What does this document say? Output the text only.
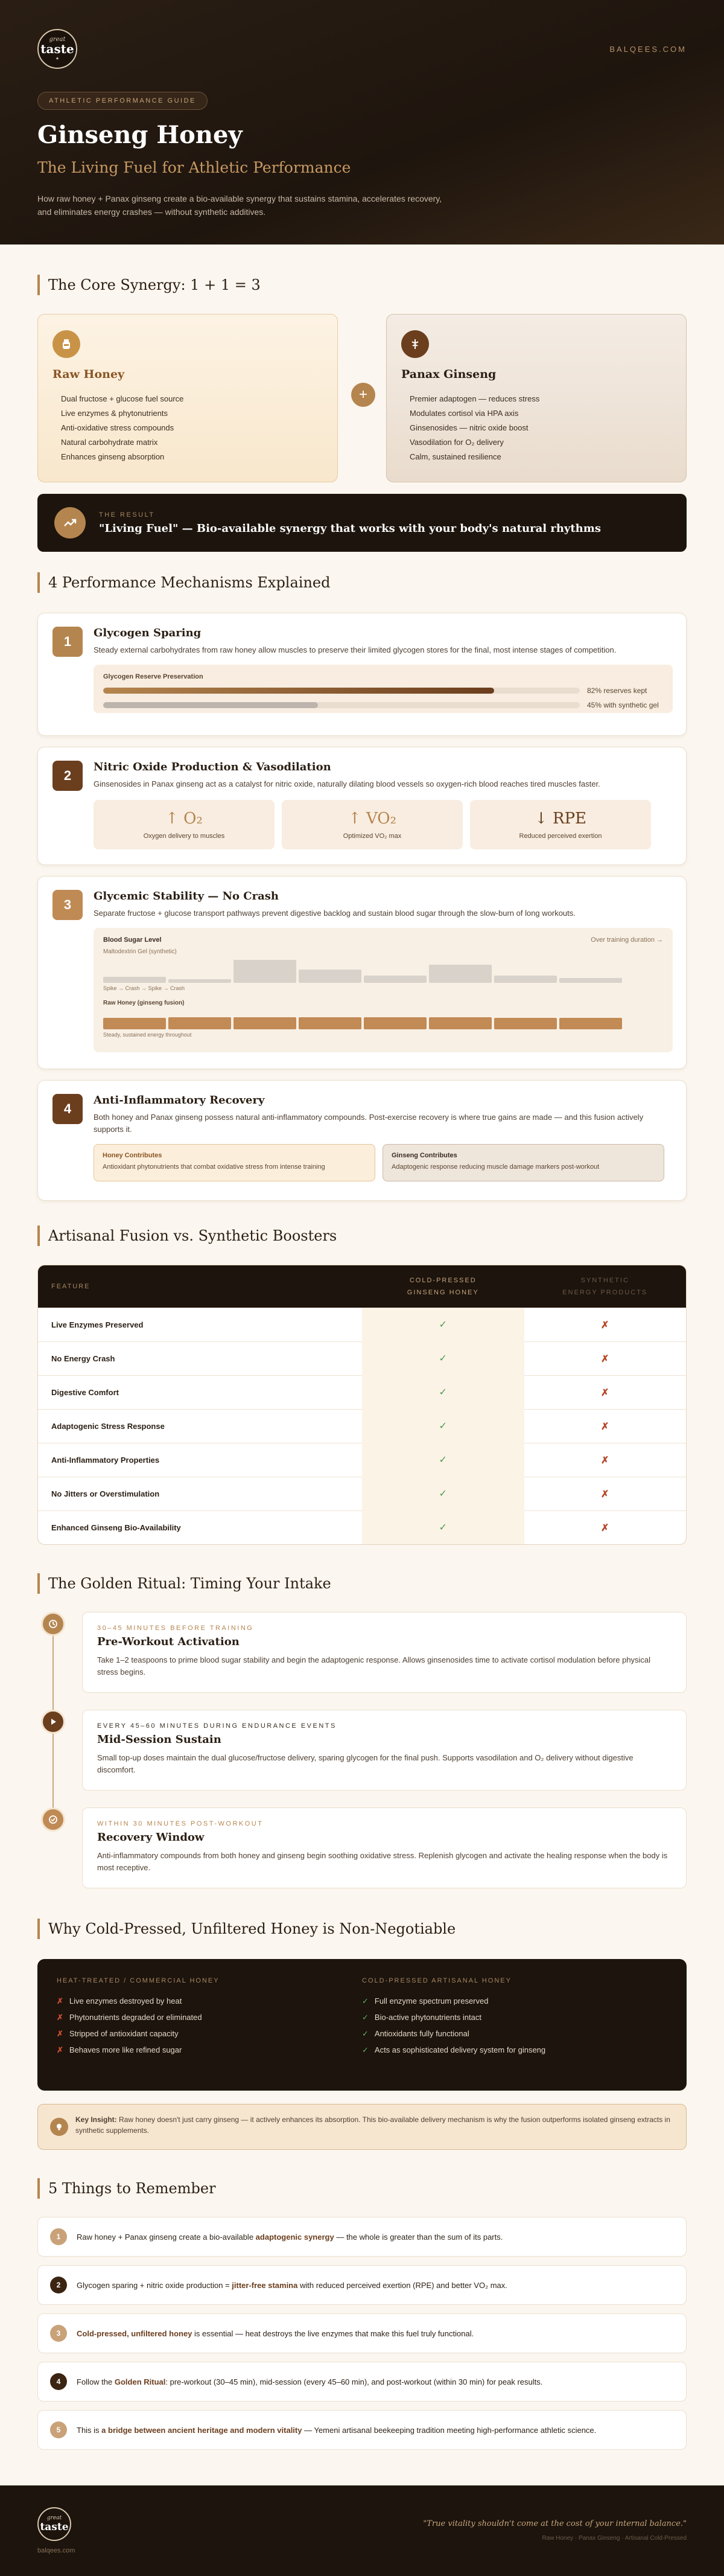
great
taste
★
BALQEES.COM
ATHLETIC PERFORMANCE GUIDE
Ginseng Honey
The Living Fuel for Athletic Performance

How raw honey + Panax ginseng create a bio-available synergy that sustains stamina, accelerates recovery, and eliminates energy crashes — without synthetic additives.

The Core Synergy: 1 + 1 = 3
Raw Honey
Dual fructose + glucose fuel source
Live enzymes & phytonutrients
Anti-oxidative stress compounds
Natural carbohydrate matrix
Enhances ginseng absorption
+
Panax Ginseng
Premier adaptogen — reduces stress
Modulates cortisol via HPA axis
Ginsenosides — nitric oxide boost
Vasodilation for O₂ delivery
Calm, sustained resilience
THE RESULT
"Living Fuel" — Bio-available synergy that works with your body's natural rhythms
4 Performance Mechanisms Explained
1
Glycogen Sparing

Steady external carbohydrates from raw honey allow muscles to preserve their limited glycogen stores for the final, most intense stages of competition.

Glycogen Reserve Preservation
82% reserves kept
45% with synthetic gel
2
Nitric Oxide Production & Vasodilation

Ginsenosides in Panax ginseng act as a catalyst for nitric oxide, naturally dilating blood vessels so oxygen-rich blood reaches tired muscles faster.

↑ O₂
Oxygen delivery to muscles
↑ VO₂
Optimized VO₂ max
↓ RPE
Reduced perceived exertion
3
Glycemic Stability — No Crash

Separate fructose + glucose transport pathways prevent digestive backlog and sustain blood sugar through the slow-burn of long workouts.

Blood Sugar Level	Over training duration →
Maltodextrin Gel (synthetic)
Spike → Crash → Spike → Crash
Raw Honey (ginseng fusion)
Steady, sustained energy throughout
4
Anti-Inflammatory Recovery

Both honey and Panax ginseng possess natural anti-inflammatory compounds. Post-exercise recovery is where true gains are made — and this fusion actively supports it.

Honey Contributes
Antioxidant phytonutrients that combat oxidative stress from intense training
Ginseng Contributes
Adaptogenic response reducing muscle damage markers post-workout
Artisanal Fusion vs. Synthetic Boosters
FEATURE
COLD-PRESSED
GINSENG HONEY
SYNTHETIC
ENERGY PRODUCTS
Live Enzymes Preserved	✓	✗
No Energy Crash	✓	✗
Digestive Comfort	✓	✗
Adaptogenic Stress Response	✓	✗
Anti-Inflammatory Properties	✓	✗
No Jitters or Overstimulation	✓	✗
Enhanced Ginseng Bio-Availability	✓	✗
The Golden Ritual: Timing Your Intake
30–45 MINUTES BEFORE TRAINING
Pre-Workout Activation

Take 1–2 teaspoons to prime blood sugar stability and begin the adaptogenic response. Allows ginsenosides time to activate cortisol modulation before physical stress begins.

EVERY 45–60 MINUTES DURING ENDURANCE EVENTS
Mid-Session Sustain

Small top-up doses maintain the dual glucose/fructose delivery, sparing glycogen for the final push. Supports vasodilation and O₂ delivery without digestive discomfort.

WITHIN 30 MINUTES POST-WORKOUT
Recovery Window

Anti-inflammatory compounds from both honey and ginseng begin soothing oxidative stress. Replenish glycogen and activate the healing response when the body is most receptive.

Why Cold-Pressed, Unfiltered Honey is Non-Negotiable
HEAT-TREATED / COMMERCIAL HONEY
✗ Live enzymes destroyed by heat
✗ Phytonutrients degraded or eliminated
✗ Stripped of antioxidant capacity
✗ Behaves more like refined sugar
COLD-PRESSED ARTISANAL HONEY
✓ Full enzyme spectrum preserved
✓ Bio-active phytonutrients intact
✓ Antioxidants fully functional
✓ Acts as sophisticated delivery system for ginseng
Key Insight: Raw honey doesn't just carry ginseng — it actively enhances its absorption. This bio-available delivery mechanism is why the fusion outperforms isolated ginseng extracts in synthetic supplements.
5 Things to Remember
1	Raw honey + Panax ginseng create a bio-available adaptogenic synergy — the whole is greater than the sum of its parts.
2	Glycogen sparing + nitric oxide production = jitter-free stamina with reduced perceived exertion (RPE) and better VO₂ max.
3	Cold-pressed, unfiltered honey is essential — heat destroys the live enzymes that make this fuel truly functional.
4	Follow the Golden Ritual: pre-workout (30–45 min), mid-session (every 45–60 min), and post-workout (within 30 min) for peak results.
5	This is a bridge between ancient heritage and modern vitality — Yemeni artisanal beekeeping tradition meeting high-performance athletic science.
great
taste
balqees.com
"True vitality shouldn't come at the cost of your internal balance."
Raw Honey · Panax Ginseng · Artisanal Cold-Pressed
